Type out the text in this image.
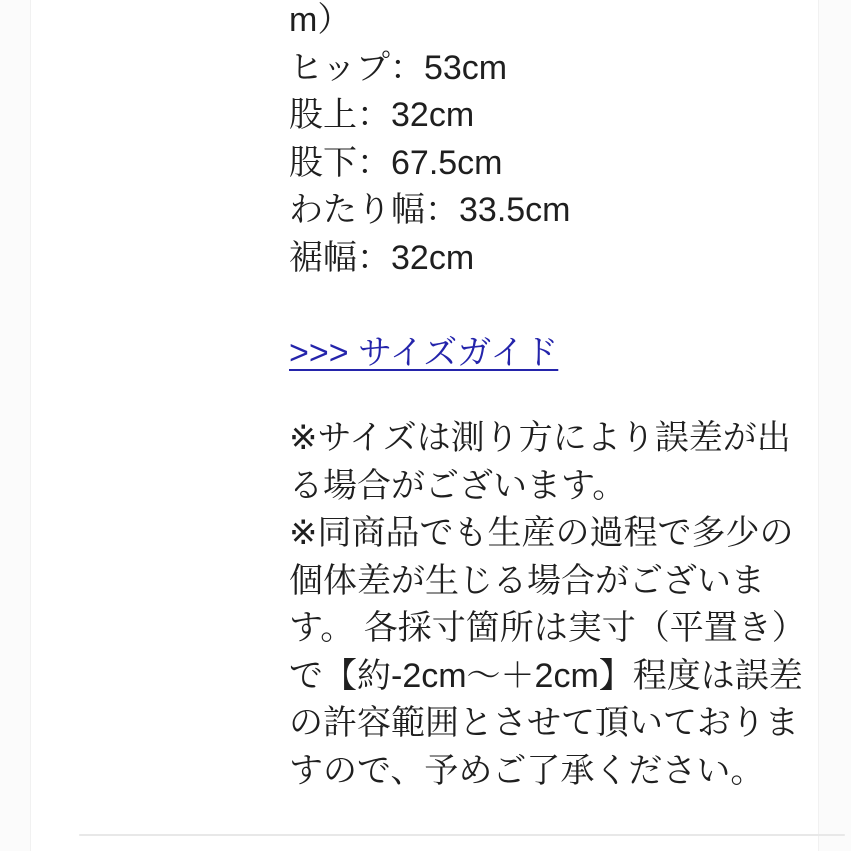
m）
ヒップ：53cm
股上：32cm
股下：67.5cm
わたり幅：33.5cm
裾幅：32cm
>>> サイズガイド
※サイズは測り方により誤差が出
る場合がございます。
※同商品でも生産の過程で多少の
個体差が生じる場合がございま
す。 各採寸箇所は実寸（平置き）
で【約-2cm〜＋2cm】程度は誤差
の許容範囲とさせて頂いておりま
すので、予めご了承ください。
